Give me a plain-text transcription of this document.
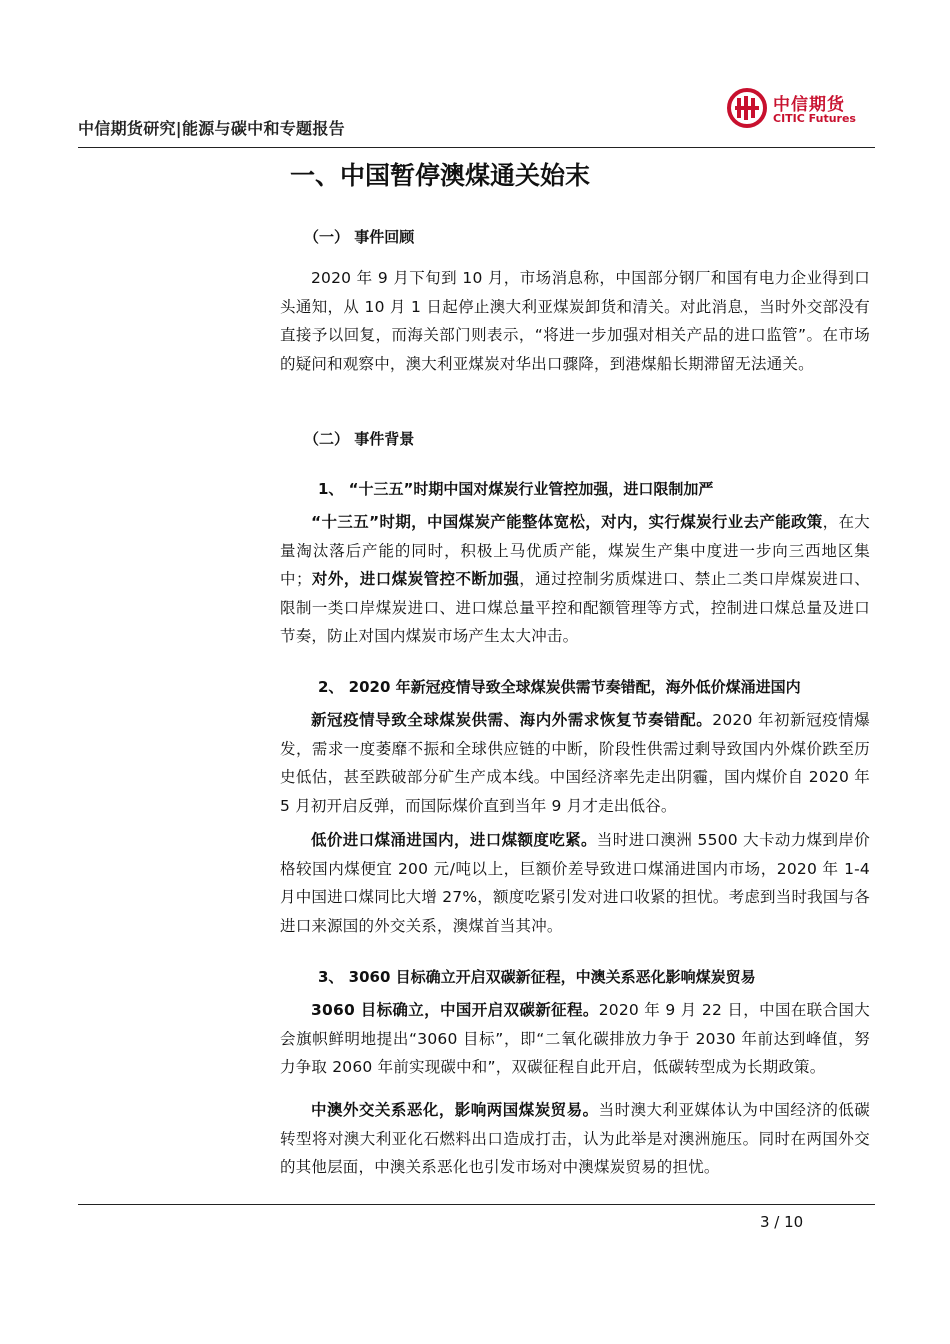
中信期货研究|能源与碳中和专题报告
中信期货
CITIC Futures
一、中国暂停澳煤通关始末
（一） 事件回顾
2020 年 9 月下旬到 10 月，市场消息称，中国部分钢厂和国有电力企业得到口头通知，从 10 月 1 日起停止澳大利亚煤炭卸货和清关。对此消息，当时外交部没有直接予以回复，而海关部门则表示，“将进一步加强对相关产品的进口监管”。在市场的疑问和观察中，澳大利亚煤炭对华出口骤降，到港煤船长期滞留无法通关。
（二） 事件背景
1、 “十三五”时期中国对煤炭行业管控加强，进口限制加严
“十三五”时期，中国煤炭产能整体宽松，对内，实行煤炭行业去产能政策，在大量淘汰落后产能的同时，积极上马优质产能，煤炭生产集中度进一步向三西地区集中；对外，进口煤炭管控不断加强，通过控制劣质煤进口、禁止二类口岸煤炭进口、限制一类口岸煤炭进口、进口煤总量平控和配额管理等方式，控制进口煤总量及进口节奏，防止对国内煤炭市场产生太大冲击。
2、 2020 年新冠疫情导致全球煤炭供需节奏错配，海外低价煤涌进国内
新冠疫情导致全球煤炭供需、海内外需求恢复节奏错配。2020 年初新冠疫情爆发，需求一度萎靡不振和全球供应链的中断，阶段性供需过剩导致国内外煤价跌至历史低估，甚至跌破部分矿生产成本线。中国经济率先走出阴霾，国内煤价自 2020 年 5 月初开启反弹，而国际煤价直到当年 9 月才走出低谷。
低价进口煤涌进国内，进口煤额度吃紧。当时进口澳洲 5500 大卡动力煤到岸价格较国内煤便宜 200 元/吨以上，巨额价差导致进口煤涌进国内市场，2020 年 1-4 月中国进口煤同比大增 27%，额度吃紧引发对进口收紧的担忧。考虑到当时我国与各进口来源国的外交关系，澳煤首当其冲。
3、 3060 目标确立开启双碳新征程，中澳关系恶化影响煤炭贸易
3060 目标确立，中国开启双碳新征程。2020 年 9 月 22 日，中国在联合国大会旗帜鲜明地提出“3060 目标”，即“二氧化碳排放力争于 2030 年前达到峰值，努力争取 2060 年前实现碳中和”，双碳征程自此开启，低碳转型成为长期政策。
中澳外交关系恶化，影响两国煤炭贸易。当时澳大利亚媒体认为中国经济的低碳转型将对澳大利亚化石燃料出口造成打击，认为此举是对澳洲施压。同时在两国外交的其他层面，中澳关系恶化也引发市场对中澳煤炭贸易的担忧。
3 / 10
